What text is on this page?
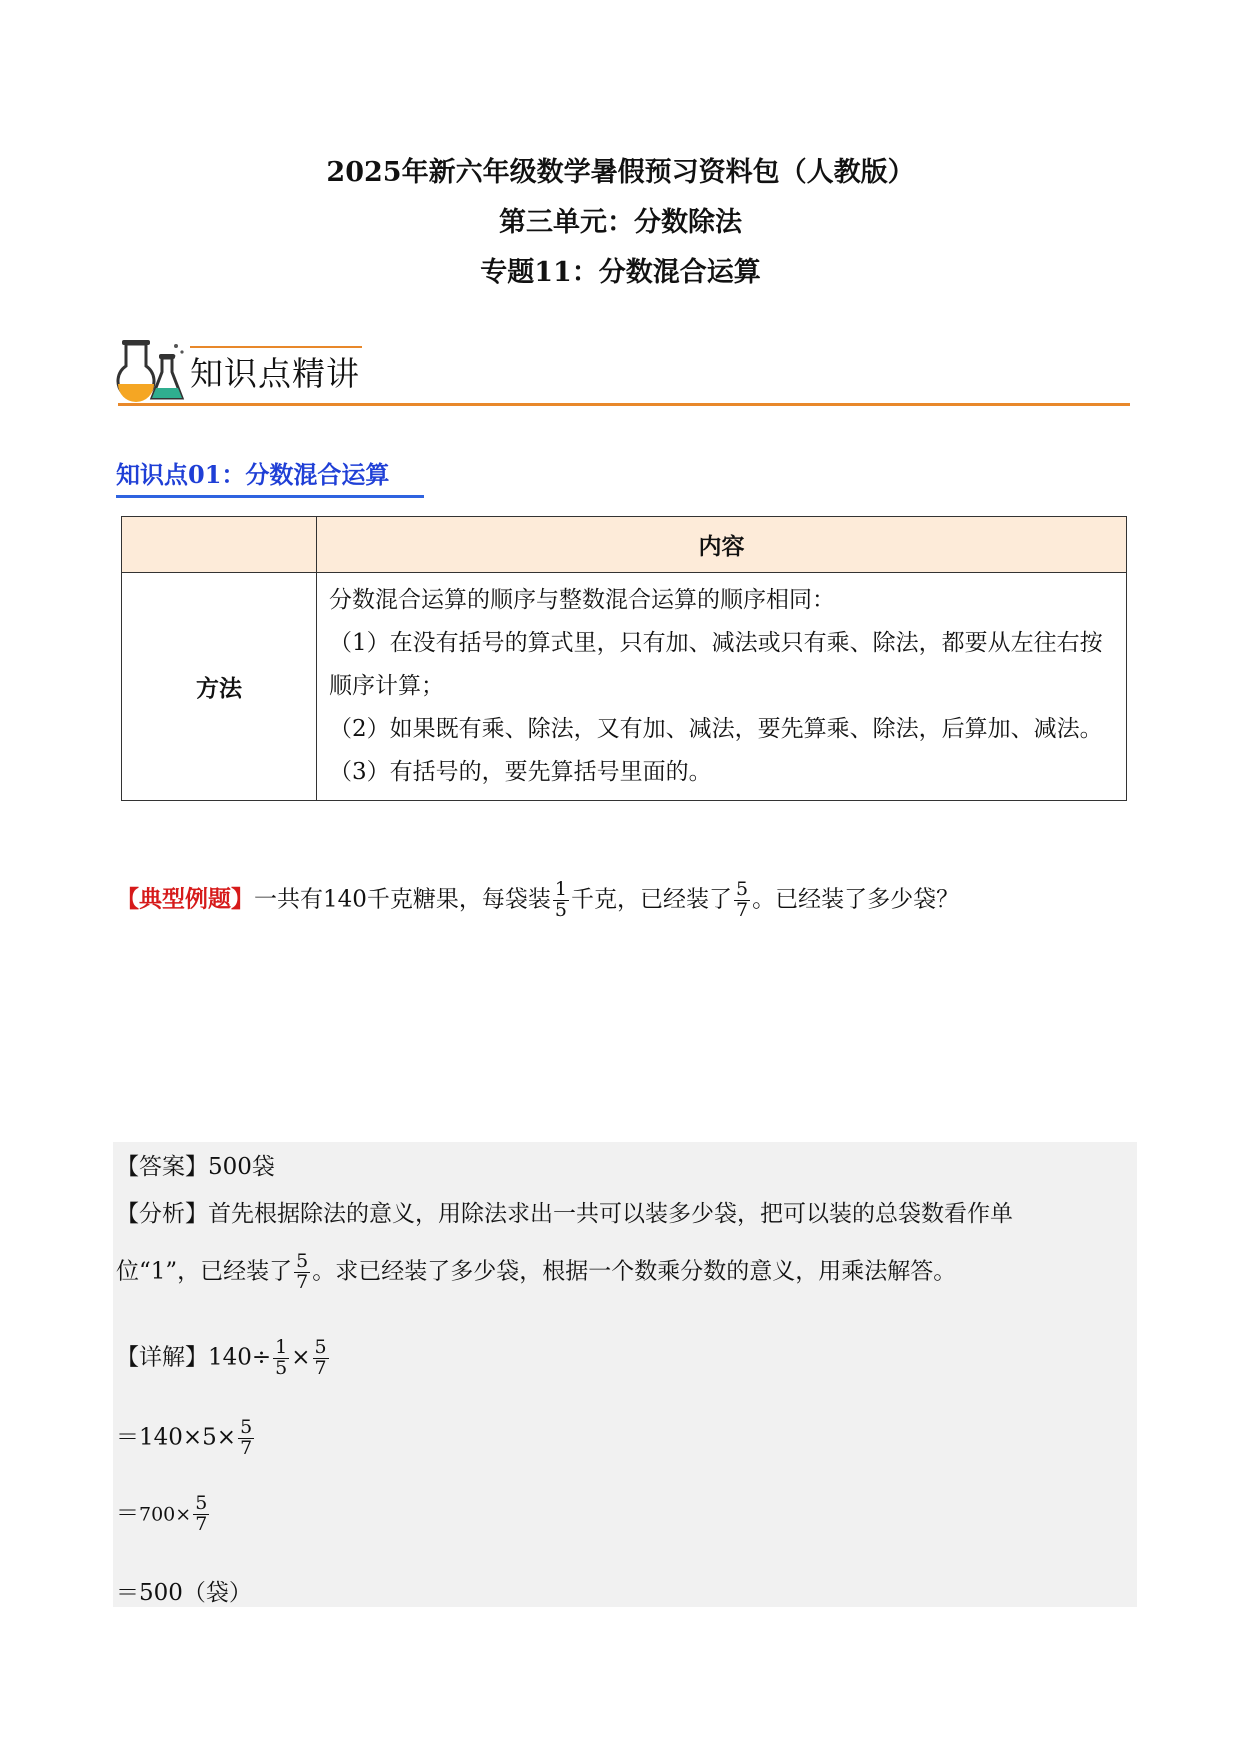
2025年新六年级数学暑假预习资料包（人教版）
第三单元：分数除法
专题11：分数混合运算
知识点精讲
知识点01：分数混合运算
	内容
方法	分数混合运算的顺序与整数混合运算的顺序相同：
（1）在没有括号的算式里，只有加、减法或只有乘、除法，都要从左往右按顺序计算；
（2）如果既有乘、除法，又有加、减法，要先算乘、除法，后算加、减法。
（3）有括号的，要先算括号里面的。
【典型例题】一共有140千克糖果，每袋装 $\frac{1}{5}$ 千克，已经装了 $\frac{5}{7}$ 。已经装了多少袋？
【答案】500袋
【分析】首先根据除法的意义，用除法求出一共可以装多少袋，把可以装的总袋数看作单
位“1”，已经装了 $\frac{5}{7}$ 。求已经装了多少袋，根据一个数乘分数的意义，用乘法解答。
【详解】$140\div \frac{1}{5} \times \frac{5}{7}$
$=140\times 5\times \frac{5}{7}$
$=700\times \frac{5}{7}$
＝500（袋）
